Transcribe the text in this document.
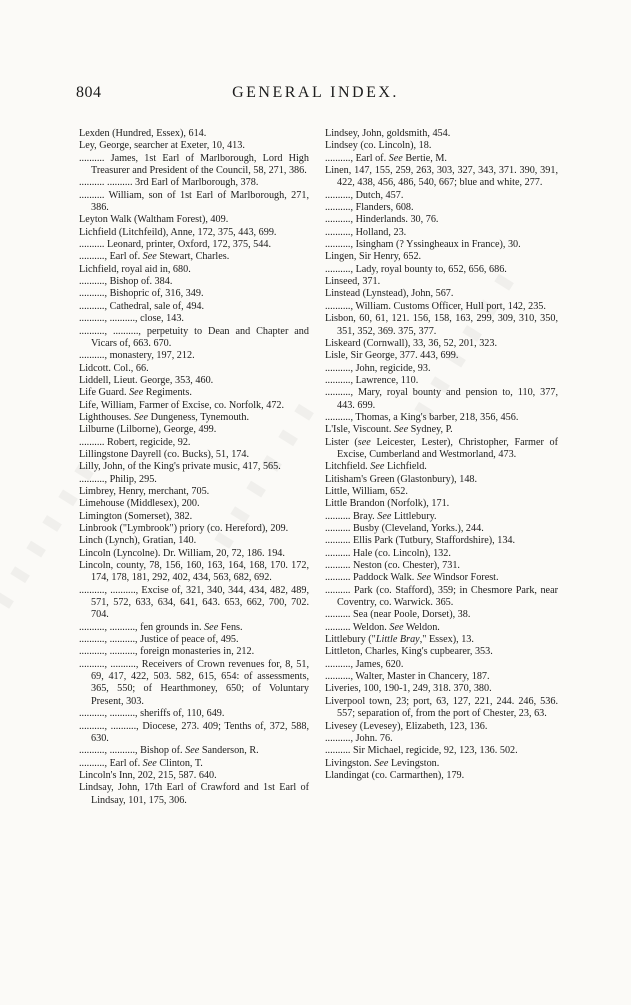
804	GENERAL INDEX.
Lexden (Hundred, Essex), 614.
Ley, George, searcher at Exeter, 10, 413.
.......... James, 1st Earl of Marlborough, Lord High Treasurer and President of the Council, 58, 271, 386.
.......... .......... 3rd Earl of Marlborough, 378.
.......... William, son of 1st Earl of Marlborough, 271, 386.
Leyton Walk (Waltham Forest), 409.
Lichfield (Litchfeild), Anne, 172, 375, 443, 699.
.......... Leonard, printer, Oxford, 172, 375, 544.
.........., Earl of. See Stewart, Charles.
Lichfield, royal aid in, 680.
.........., Bishop of. 384.
.........., Bishopric of, 316, 349.
.........., Cathedral, sale of, 494.
.........., .........., close, 143.
.........., .........., perpetuity to Dean and Chapter and Vicars of, 663. 670.
.........., monastery, 197, 212.
Lidcott. Col., 66.
Liddell, Lieut. George, 353, 460.
Life Guard. See Regiments.
Life, William, Farmer of Excise, co. Norfolk, 472.
Lighthouses. See Dungeness, Tynemouth.
Lilburne (Lilborne), George, 499.
.......... Robert, regicide, 92.
Lillingstone Dayrell (co. Bucks), 51, 174.
Lilly, John, of the King's private music, 417, 565.
.........., Philip, 295.
Limbrey, Henry, merchant, 705.
Limehouse (Middlesex), 200.
Limington (Somerset), 382.
Linbrook ("Lymbrook") priory (co. Hereford), 209.
Linch (Lynch), Gratian, 140.
Lincoln (Lyncolne). Dr. William, 20, 72, 186. 194.
Lincoln, county, 78, 156, 160, 163, 164, 168, 170. 172, 174, 178, 181, 292, 402, 434, 563, 682, 692.
.........., .........., Excise of, 321, 340, 344, 434, 482, 489, 571, 572, 633, 634, 641, 643. 653, 662, 700, 702. 704.
.........., .........., fen grounds in. See Fens.
.........., .........., Justice of peace of, 495.
.........., .........., foreign monasteries in, 212.
.........., .........., Receivers of Crown revenues for, 8, 51, 69, 417, 422, 503. 582, 615, 654: of assessments, 365, 550; of Hearthmoney, 650; of Voluntary Present, 303.
.........., .........., sheriffs of, 110, 649.
.........., .........., Diocese, 273. 409; Tenths of, 372, 588, 630.
.........., .........., Bishop of. See Sanderson, R.
.........., Earl of. See Clinton, T.
Lincoln's Inn, 202, 215, 587. 640.
Lindsay, John, 17th Earl of Crawford and 1st Earl of Lindsay, 101, 175, 306.
Lindsey, John, goldsmith, 454.
Lindsey (co. Lincoln), 18.
.........., Earl of. See Bertie, M.
Linen, 147, 155, 259, 263, 303, 327, 343, 371. 390, 391, 422, 438, 456, 486, 540, 667; blue and white, 277.
.........., Dutch, 457.
.........., Flanders, 608.
.........., Hinderlands. 30, 76.
.........., Holland, 23.
.........., Isingham (? Yssingheaux in France), 30.
Lingen, Sir Henry, 652.
.........., Lady, royal bounty to, 652, 656, 686.
Linseed, 371.
Linstead (Lynstead), John, 567.
.........., William. Customs Officer, Hull port, 142, 235.
Lisbon, 60, 61, 121. 156, 158, 163, 299, 309, 310, 350, 351, 352, 369. 375, 377.
Liskeard (Cornwall), 33, 36, 52, 201, 323.
Lisle, Sir George, 377. 443, 699.
.........., John, regicide, 93.
.........., Lawrence, 110.
.........., Mary, royal bounty and pension to, 110, 377, 443. 699.
.........., Thomas, a King's barber, 218, 356, 456.
L'Isle, Viscount. See Sydney, P.
Lister (see Leicester, Lester), Christopher, Farmer of Excise, Cumberland and Westmorland, 473.
Litchfield. See Lichfield.
Litisham's Green (Glastonbury), 148.
Little, William, 652.
Little Brandon (Norfolk), 171.
.......... Bray. See Littlebury.
.......... Busby (Cleveland, Yorks.), 244.
.......... Ellis Park (Tutbury, Staffordshire), 134.
.......... Hale (co. Lincoln), 132.
.......... Neston (co. Chester), 731.
.......... Paddock Walk. See Windsor Forest.
.......... Park (co. Stafford), 359; in Chesmore Park, near Coventry, co. Warwick. 365.
.......... Sea (near Poole, Dorset), 38.
.......... Weldon. See Weldon.
Littlebury ("Little Bray," Essex), 13.
Littleton, Charles, King's cupbearer, 353.
.........., James, 620.
.........., Walter, Master in Chancery, 187.
Liveries, 100, 190-1, 249, 318. 370, 380.
Liverpool town, 23; port, 63, 127, 221, 244. 246, 536. 557; separation of, from the port of Chester, 23, 63.
Livesey (Levesey), Elizabeth, 123, 136.
.........., John. 76.
.......... Sir Michael, regicide, 92, 123, 136. 502.
Livingston. See Levingston.
Llandingat (co. Carmarthen), 179.
